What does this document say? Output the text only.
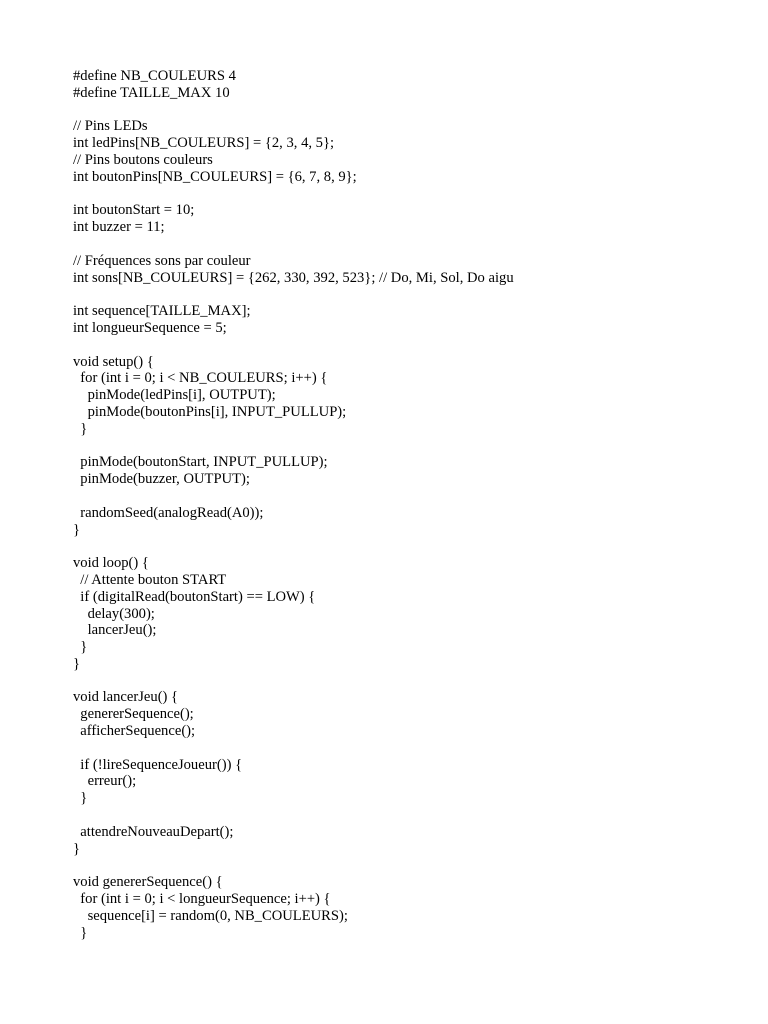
#define NB_COULEURS 4
#define TAILLE_MAX 10
// Pins LEDs
int ledPins[NB_COULEURS] = {2, 3, 4, 5};
// Pins boutons couleurs
int boutonPins[NB_COULEURS] = {6, 7, 8, 9};
int boutonStart = 10;
int buzzer = 11;
// Fréquences sons par couleur
int sons[NB_COULEURS] = {262, 330, 392, 523}; // Do, Mi, Sol, Do aigu
int sequence[TAILLE_MAX];
int longueurSequence = 5;
void setup() {
for (int i = 0; i < NB_COULEURS; i++) {
pinMode(ledPins[i], OUTPUT);
pinMode(boutonPins[i], INPUT_PULLUP);
}
pinMode(boutonStart, INPUT_PULLUP);
pinMode(buzzer, OUTPUT);
randomSeed(analogRead(A0));
}
void loop() {
// Attente bouton START
if (digitalRead(boutonStart) == LOW) {
delay(300);
lancerJeu();
}
}
void lancerJeu() {
genererSequence();
afficherSequence();
if (!lireSequenceJoueur()) {
erreur();
}
attendreNouveauDepart();
}
void genererSequence() {
for (int i = 0; i < longueurSequence; i++) {
sequence[i] = random(0, NB_COULEURS);
}
